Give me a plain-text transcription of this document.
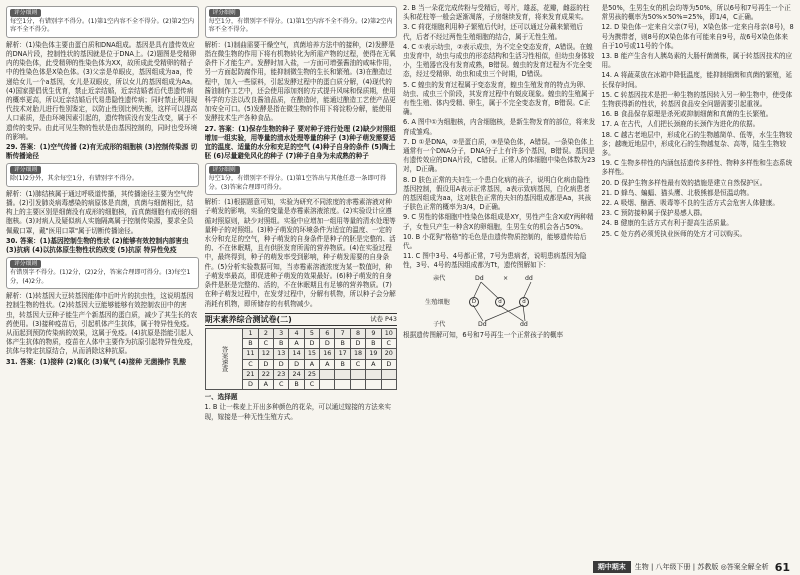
评分细则
每空1分，有错别字不得分。(1)第1空内容不全不得分。(2)第2空内容不全不得分。

解析：(1)染色体主要由蛋白质和DNA组成。基因是具有遗传效应的DNA片段，控制性状的基因就是位于DNA上。(2)题图是受精卵内的染色体，此受精卵的性染色体为XX，故所成此受精卵的精子中的性染色体是X染色体。(3)父亲是单眼皮，基因组成为aa，传递给女儿一个a基因，女儿是双眼皮，所以女儿的基因组成为Aa。(4)国家提倡优生优育，禁止近亲结婚，近亲结婚者后代患遗传病的概率更高，所以近亲结婚后代易患隐性遗传病；同时禁止利用现代技术对胎儿进行性别鉴定，以防止性别比例失衡，这样可以提高人口素质，是由环境因素引起的，遗传物质没有发生改变，属于不遗传的变异。由此可见生物的性状是由基因控制的，同时也受环境的影响。

29. 答案：(1)空气传播 (2)有无成形的细胞核 (3)控制传染源 切断传播途径

评分细则
除(1)2分外，其余每空1分，有错别字不得分。

解析：(1)肺结核属于通过呼吸道传播，其传播途径主要为空气传播。(2)引发肺炎病毒感染的病原体是真菌，真菌与细菌相比，结构上的主要区别是细菌没有成形的细胞核，而真菌细胞有成形的细胞核。(3)对病人及疑似病人实施隔离属于控制传染源，要求全员佩戴口罩，戴"医用口罩"属于切断传播途径。

30. 答案：(1)基因控制生物的性状 (2)能够有效控制内部害虫 (3)抗病 (4)以抗体原生物性状的改变 (5)抗原 特异性免疫

评分细则
有错别字不得分。(1)2分，(2)2分，答案合理即可得分。(3)每空1分，(4)2分。

解析：(1)转基因大豆转基因能体中后叶片的抗虫性，这说明基因控制生物的性状。(2)转基因大豆能够能够有效控制农田中的害虫，转基因大豆种子能生产个新基因的蛋白质，减少了其生长的农药使用。(3)接种疫苗后，引起机体产生抗体，属于特异性免疫。从而起到预防传染病的效果，这属于免疫。(4)抗原是指能引起人体产生抗体的物质，疫苗在人体中主要作为抗原引起特异性免疫，抗体与特定抗原结合，从而消除这种抗原。

31. 答案：(1)接种 (2)氧化 (3)氧气 (4)接种 无菌操作 乳酸

评分细则
每空1分，有错别字不得分。(1)第1空内容不全不得分。(2)第2空内容不全不得分。

解析：(1)制曲需要干燥空气，真菌培养方法中的接种，(2)发酵是指在微生物的作用下将有机物转化为所需产物的过程，使得在无氧条件下才能生产。发酵时加入盐，一方面可增强酱油的咸味作用，另一方面起防腐作用，能抑制微生物的生长和繁殖。(3)在酿造过程中，加入一些原料，引起发酵过程中的蛋白质分解，(4)现代的酱油制作工艺中，还会使用添加剂的方式提升风味和保质期，使用科学的方法以改良酱油品质，在酿造时，能通过酿造工艺使产品更加安全可口。(5)发酵是指在微生物的作用下将淀粉分解，能使用发酵技术生产各种食品。

27. 答案：(1)保存生物的种子 要对种子进行处理 (2)缺少对照组 增加一组实验，用等量的清水处理等量的种子 (3)种子萌发需要适宜的温度、适量的水分和充足的空气 (4)种子自身的条件 (5)陶土 胚 (6)尽量避免风化的种子 (7)种子自身为未成熟的种子

评分细则
每空1分，有错别字不得分。(1)第1空答出与其他任意一条即可得分。(3)答案合理即可得分。

解析：(1)根据题意可知，实验为研究不同浓度的赤霉素溶液对种子萌发的影响，实验的变量是赤霉素溶液浓度。(2)实验设计应遵循对照原则，缺少对照组。实验中应增加一组用等量的清水处理等量种子的对照组。(3)种子萌发的环境条件为适宜的温度、一定的水分和充足的空气，种子萌发的自身条件是种子的胚是完整的、活的、不在休眠期，且有供胚发育所需的营养物质。(4)在实验过程中，最终得到，种子的萌发率受到影响，种子萌发需要的自身条件。(5)分析实验数据可知，当赤霉素溶液浓度为某一数值时，种子萌发率最高，即促进种子萌发的效果最好。(6)种子萌发的自身条件是胚是完整的、活的，不在休眠期且有足够的营养物质。(7)在种子萌发过程中，在发芽过程中，分解有机物，所以种子会分解消耗有机物，即所储存的有机物减少。

期末素养综合测试卷(二)	试卷 P43
答案速查	1	2	3	4	5	6	7	8	9	10
	B	C	B	A	D	D	B	D	B	C
	11	12	13	14	15	16	17	18	19	20
	C	D	D	D	A	A	B	C	A	D
	21	22	23	24	25					
	D	A	C	B	C					

一、选择题

1. B 让一株麦上开出多种颜色的花朵，可以通过嫁接的方法来实现，嫁接是一种无性生殖方式。

2. B 当一朵花完成传粉与受精后，萼片，雄蕊，花瓣，雌蕊的柱头和花柱等一般会逐渐凋落，子房继续发育，将来发育成果实。

3. C 荷花细胞利用种子繁殖后代时，还可以通过分藕来繁殖后代，后者不经过两性生殖细胞的结合，属于无性生殖。

4. C ①表示幼虫，②表示成虫，为不完全变态发育，A错误。在蝗虫发育中，幼虫与成虫的形态结构和生活习性相似，但幼虫身体较小，生殖器官没有发育成熟，B错误。蝗虫的发育过程为不完全变态，经过受精卵、幼虫和成虫三个时期，D错误。

5. C 蝗虫的发育过程属于变态发育，蝗虫生殖发育的特点为卵、幼虫、成虫三个阶段，其发育过程中有蜕皮现象。蝗虫的生殖属于有性生殖、体内受精、卵生，属于不完全变态发育，B错误。C正确。

6. A 图中①为细胞核，内含细胞核，是新生物发育的部位，将来发育成雏鸡。

7. D ①是DNA，②是蛋白质，③是染色体，A错误。一条染色体上通常有一个DNA分子，DNA分子上有许多个基因，B错误。基因是有遗传效应的DNA片段，C错误。正常人的体细胞中染色体数为23对，D正确。

8. D 肤色正常的夫妇生一个患白化病的孩子，说明白化病由隐性基因控制，假设用A表示正常基因，a表示致病基因，白化病患者的基因组成为aa，这对肤色正常的夫妇的基因组成都是Aa，其孩子肤色正常的概率为3/4，D正确。

9. C 男性的体细胞中性染色体组成是XY，男性产生含X或Y两种精子，女性只产生一种含X的卵细胞，生男生女的机会各占50%。

10. B 小花狗"格格"的毛色是由遗传物质控制的，能够遗传给后代。

11. C 图中3号、4号都正常，7号为患病者，说明患病基因为隐性，3号、4号的基因组成都为Tt，遗传图解如下：

亲代	Dd	×	dd
生殖细胞	D	d	d
子代	Dd	dd

根据遗传图解可知，6号和7号再生一个正常孩子的概率

是50%，生男生女的机会均等为50%，所以6号和7号再生一个正常男孩的概率为50%×50%=25%，即1/4，C正确。

12. D 染色体一定来自父亲(7号)，X染色体一定来自母亲(8号)，8号为携带者，则8号的X染色体有可能来自9号，故6号X染色体来自于10号或11号的个体。

13. B 能产生含有人胰岛素的大肠杆菌菌株，属于转基因技术的应用。

14. A 将蔬菜放在冰箱中降低温度，能抑制细菌和真菌的繁殖，延长保存时间。

15. C 转基因技术是把一种生物的基因转入另一种生物中，使受体生物获得新的性状，转基因食品安全问题需要引起重视。

16. B 食品保存原理是杀死或抑制细菌和真菌的生长繁殖。

17. A 在古代，人们把长颈鹿的长颈作为进化的依据。

18. C 越古老地层中，形成化石的生物越简单、低等，水生生物较多；越晚近地层中，形成化石的生物越复杂、高等，陆生生物较多。

19. C 生物多样性的内涵包括遗传多样性、物种多样性和生态系统多样性。

20. D 保护生物多样性最有效的措施是建立自然保护区。

21. D 蜂鸟、蝙蝠、猫头鹰、北极熊都是恒温动物。

22. A 吸烟、酗酒、吸毒等不良的生活方式会危害人体健康。

23. C 预防接种属于保护易感人群。

24. B 健康的生活方式有利于提高生活质量。

25. C 处方药必须凭执业医师的处方才可以购买。

期中期末	生物 | 八年级下册 | 苏教版
◎ 答案全解全析 61
